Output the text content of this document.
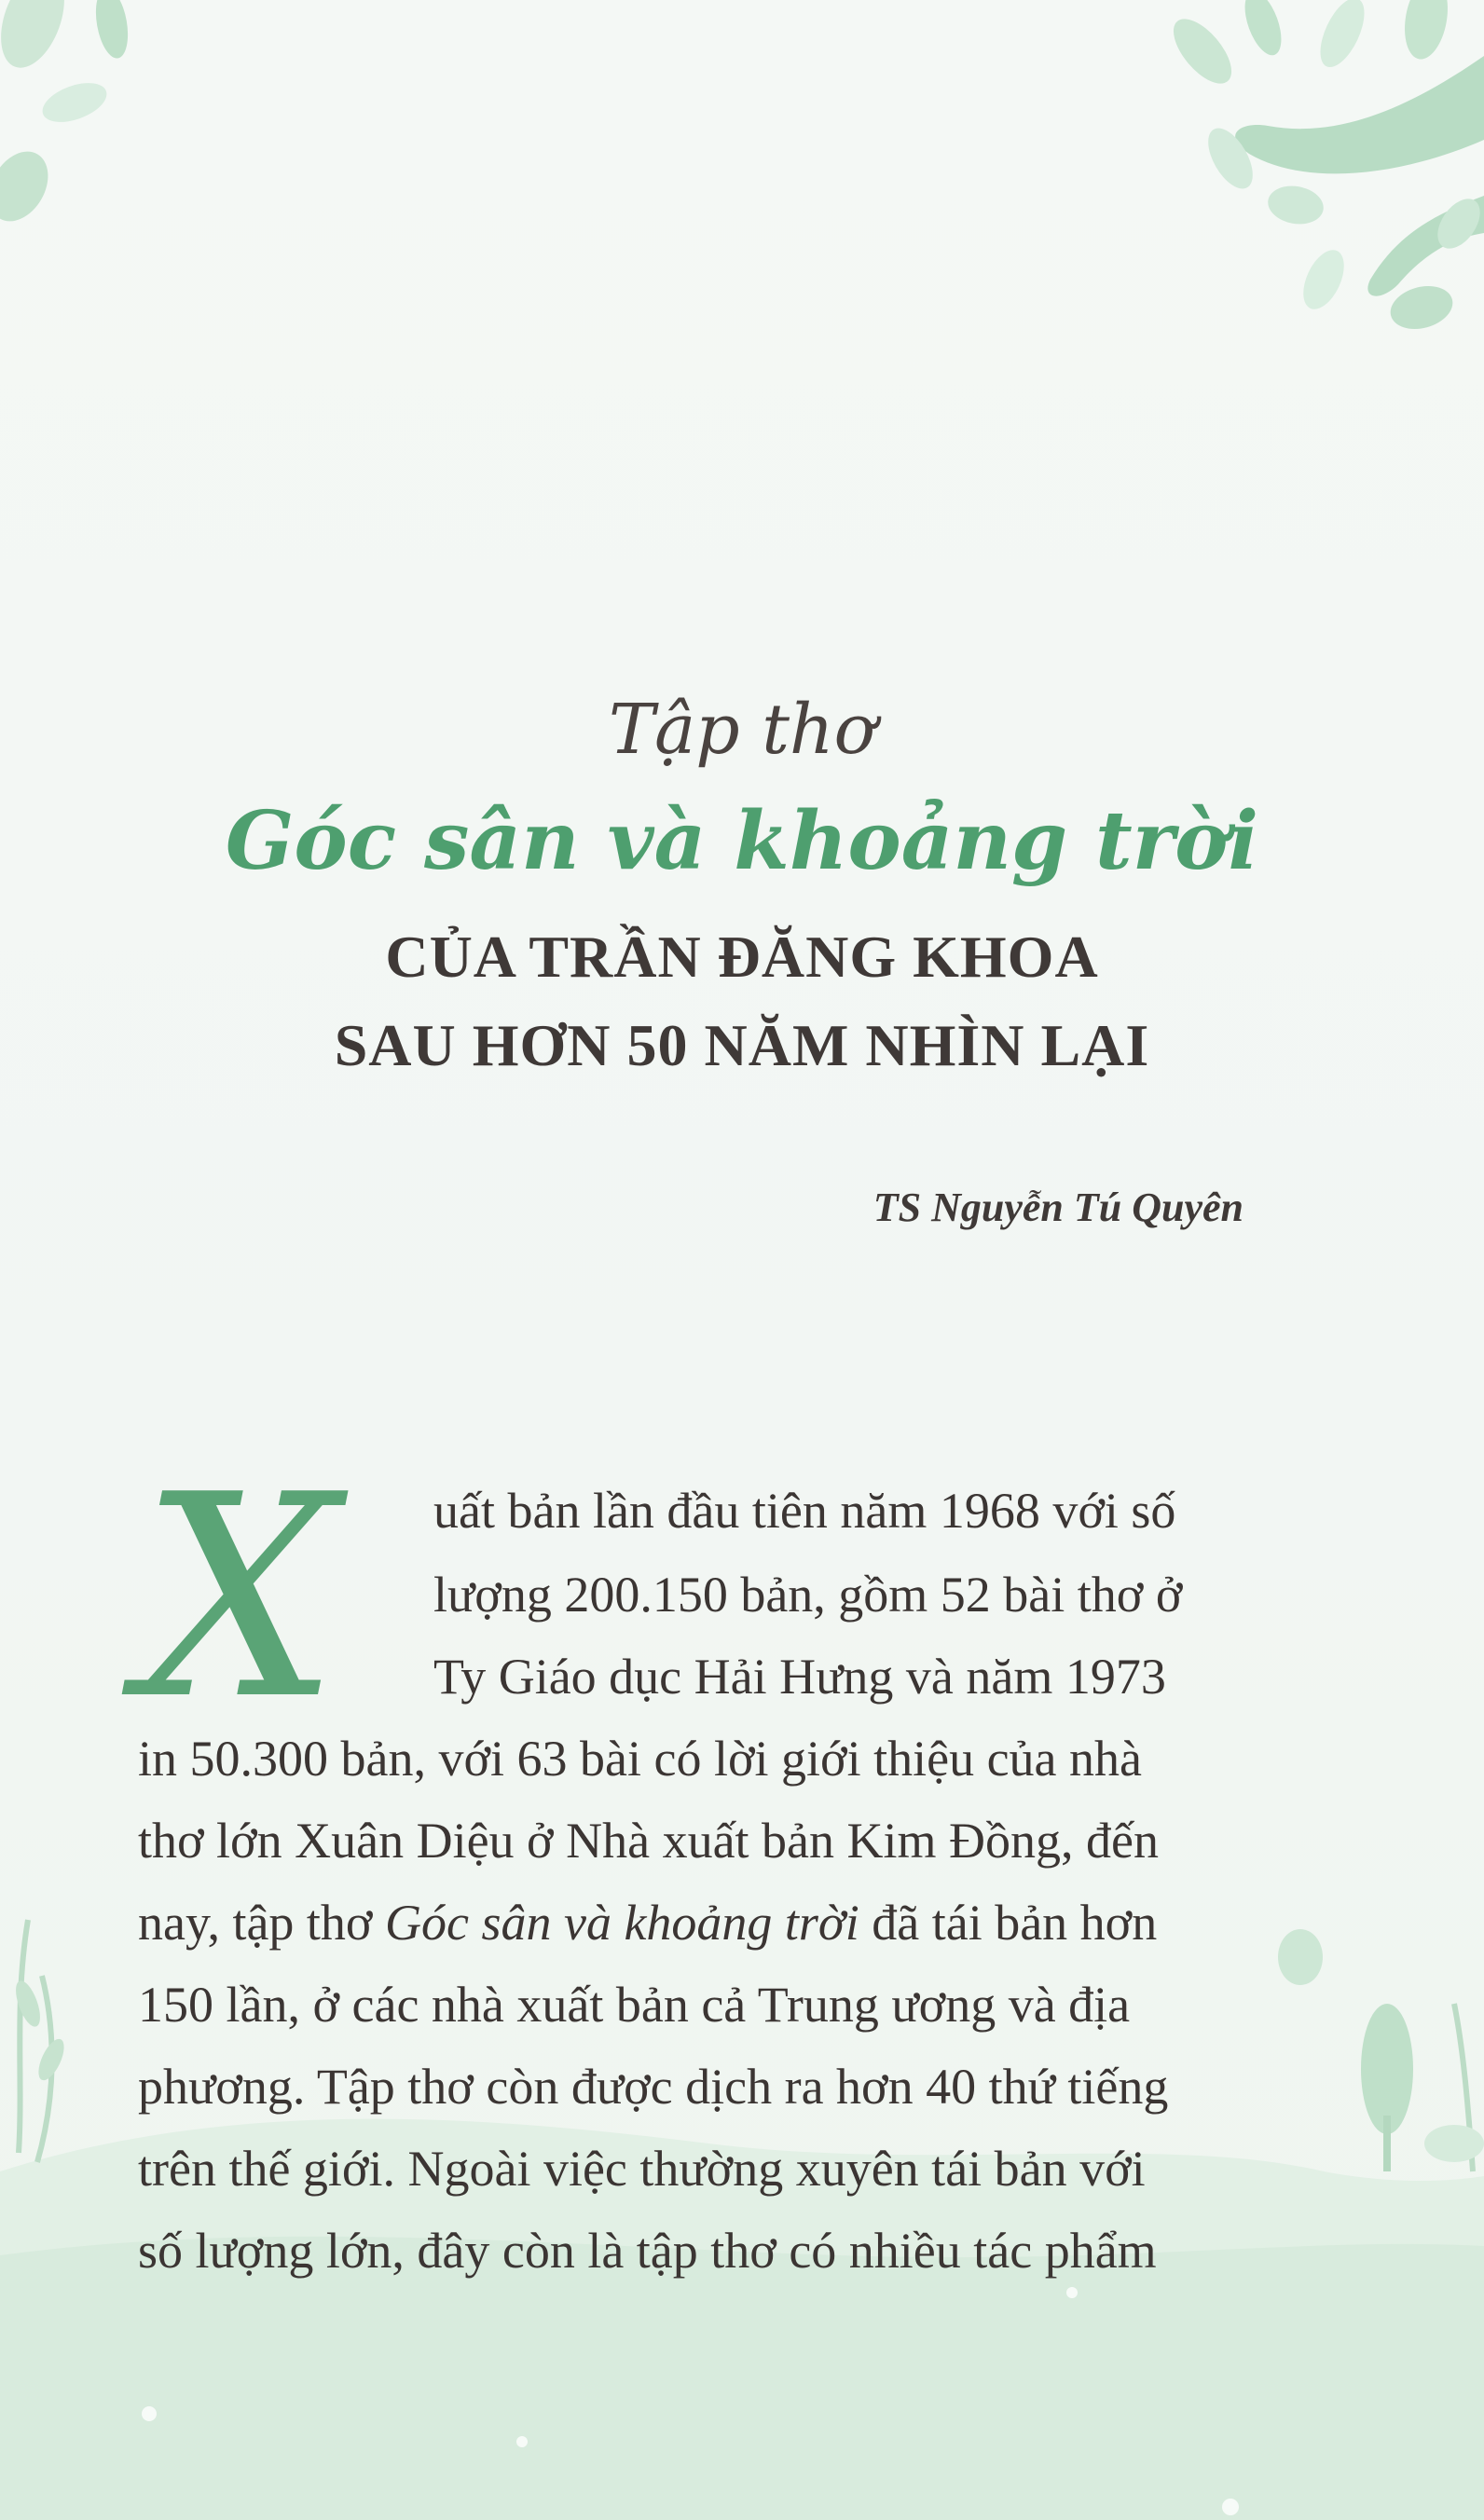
Tập thơ
Góc sân và khoảng trời
CỦA TRẦN ĐĂNG KHOA
SAU HƠN 50 NĂM NHÌN LẠI
TS Nguyễn Tú Quyên
X uất bản lần đầu tiên năm 1968 với số
lượng 200.150 bản, gồm 52 bài thơ ở
Ty Giáo dục Hải Hưng và năm 1973
in 50.300 bản, với 63 bài có lời giới thiệu của nhà
thơ lớn Xuân Diệu ở Nhà xuất bản Kim Đồng, đến
nay, tập thơ Góc sân và khoảng trời đã tái bản hơn
150 lần, ở các nhà xuất bản cả Trung ương và địa
phương. Tập thơ còn được dịch ra hơn 40 thứ tiếng
trên thế giới. Ngoài việc thường xuyên tái bản với
số lượng lớn, đây còn là tập thơ có nhiều tác phẩm
